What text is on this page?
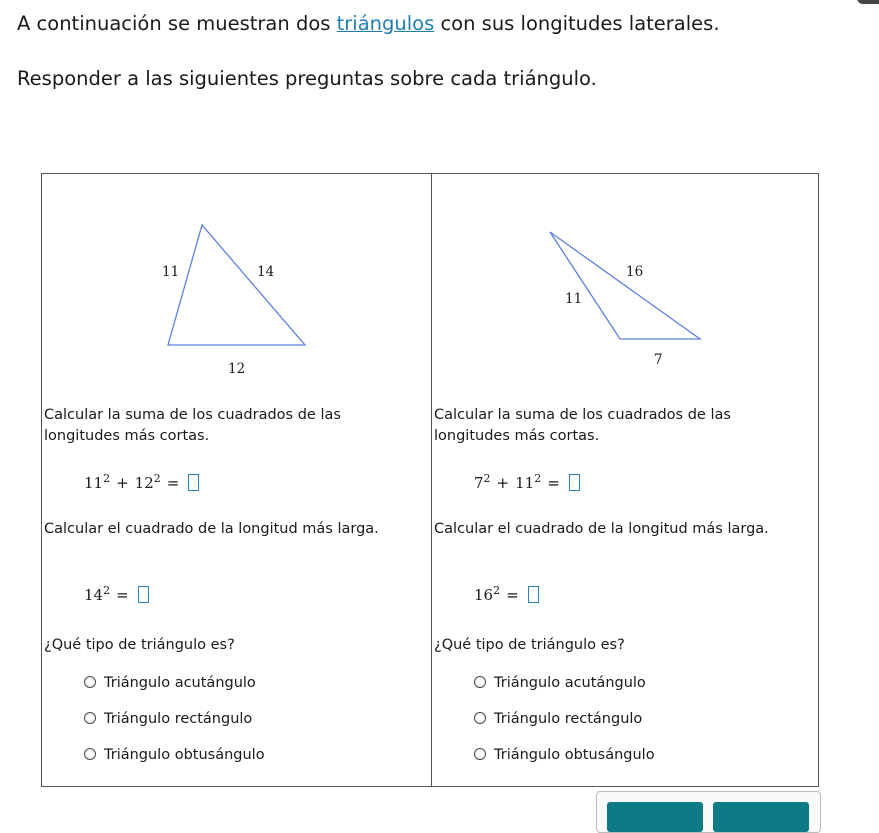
A continuación se muestran dos triángulos con sus longitudes laterales.
Responder a las siguientes preguntas sobre cada triángulo.
11	14
12
Calcular la suma de los cuadrados de las longitudes más cortas.
$11^2 + 12^2$ =
Calcular el cuadrado de la longitud más larga.
$14^2$ =
¿Qué tipo de triángulo es?
Triángulo acutángulo
Triángulo rectángulo
Triángulo obtusángulo
16
11
7
Calcular la suma de los cuadrados de las longitudes más cortas.
$7^2 + 11^2$ =
Calcular el cuadrado de la longitud más larga.
$16^2$ =
¿Qué tipo de triángulo es?
Triángulo acutángulo
Triángulo rectángulo
Triángulo obtusángulo
